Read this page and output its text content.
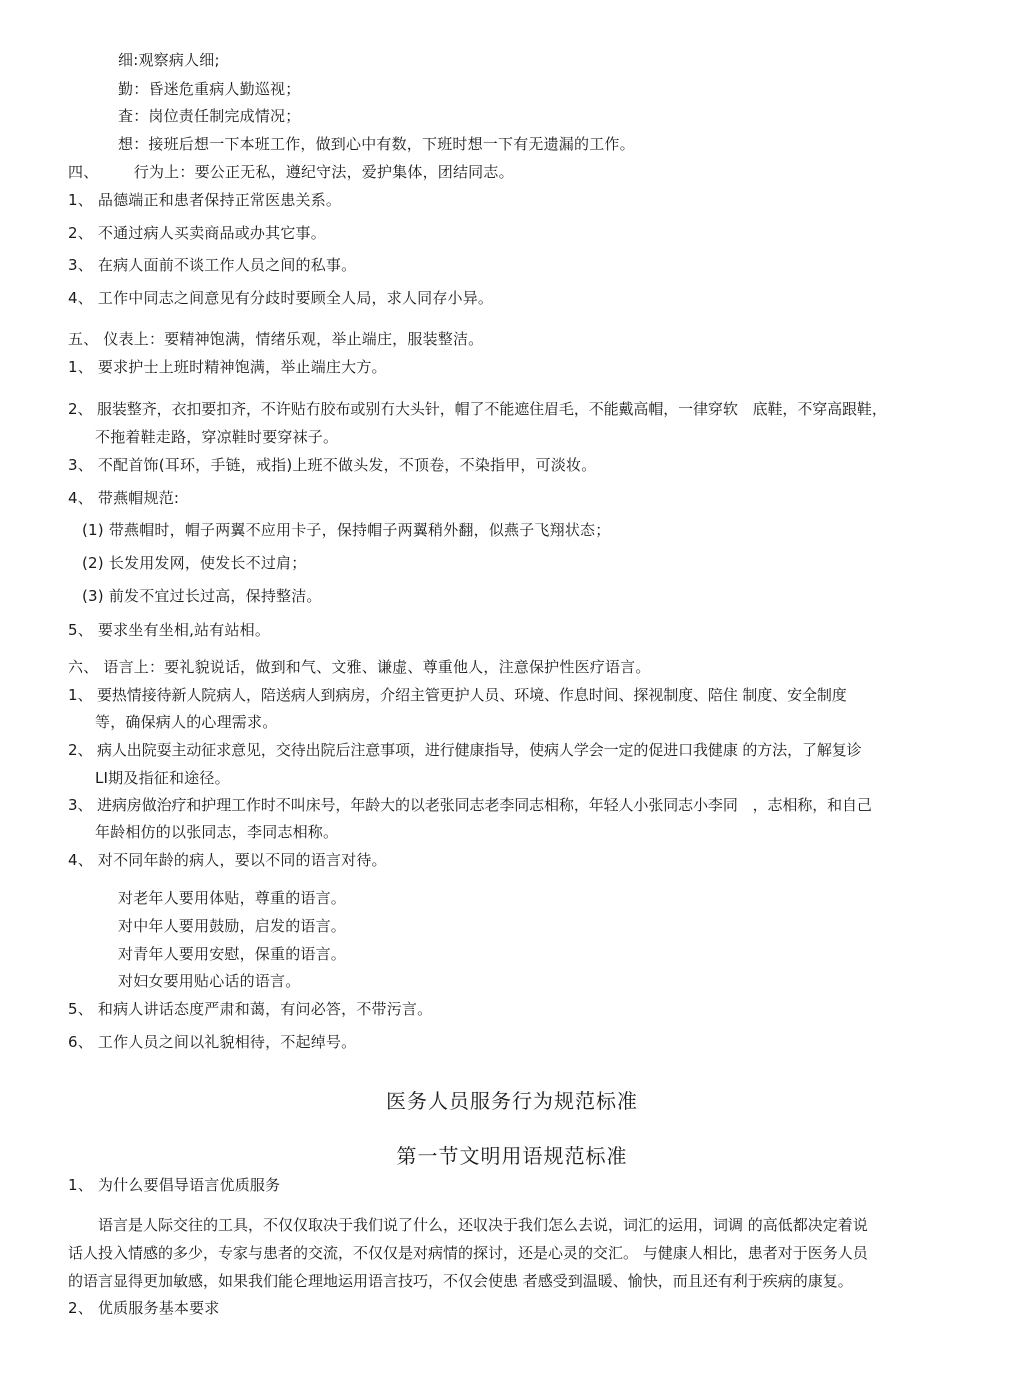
细:观察病人细;
勤：昏迷危重病人勤巡视；
査：岗位责任制完成情况；
想：接班后想一下本班工作，做到心中有数，下班时想一下有无遗漏的工作。
四、 　　行为上：要公正无私，遵纪守法，爱护集体，团结同志。
1、 品德端正和患者保持正常医患关系。
2、 不通过病人买卖商品或办其它事。
3、 在病人面前不谈工作人员之间的私事。
4、 工作中同志之间意见有分歧时要顾全人局，求人同存小异。
五、 仪表上：要精神饱满，情绪乐观，举止端庄，服装整洁。
1、 要求护士上班时精神饱满，举止端庄大方。
2、 服装整齐，衣扣要扣齐，不许贴冇胶布或别冇大头针，帽了不能遮住眉毛，不能戴高帽，一律穿软　底鞋，不穿高跟鞋，
不拖着鞋走路，穿凉鞋时要穿袜子。
3、 不配首饰(耳环，手链，戒指)上班不做头发，不顶卷，不染指甲，可淡妆。
4、 带燕帽规范:
(1) 带燕帽时，帽子两翼不应用卡子，保持帽子两翼稍外翻，似燕子飞翔状态；
(2) 长发用发网，使发长不过肩；
(3) 前发不宜过长过高，保持整洁。
5、 要求坐有坐相,站有站相。
六、 语言上：要礼貌说话，做到和气、文雅、谦虚、尊重他人，注意保护性医疗语言。
1、 要热情接待新人院病人，陪送病人到病房，介绍主管更护人员、环境、作息时间、探视制度、陪住 制度、安全制度
等，确保病人的心理需求。
2、 病人出院耍主动征求意见，交待出院后注意事项，进行健康指导，使病人学会一定的促进口我健康 的方法，了解复诊
LI期及指征和途径。
3、 进病房做治疗和护理工作时不叫床号，年龄大的以老张同志老李同志相称，年轻人小张同志小李同　，志相称，和自己
年龄相仿的以张同志，李同志相称。
4、 对不同年龄的病人，要以不同的语言对待。
对老年人要用体贴，尊重的语言。
对中年人要用鼓励，启发的语言。
对青年人要用安慰，保重的语言。
对妇女要用贴心话的语言。
5、 和病人讲话态度严肃和蔼，有问必答，不带污言。
6、 工作人员之间以礼貌相待，不起绰号。
医务人员服务行为规范标准
第一节文明用语规范标准
1、 为什么要倡导语言优质服务
语言是人际交往的工具，不仅仅取决于我们说了什么，还収决于我们怎么去说，词汇的运用，词调 的高低都决定着说
话人投入情感的多少，专家与患者的交流，不仅仅是对病情的探讨，还是心灵的交汇。 与健康人相比，患者对于医务人员
的语言显得更加敏感，如果我们能仑理地运用语言技巧，不仅会使患 者感受到温暖、愉快，而且还有利于疾病的康复。
2、 优质服务基本要求
